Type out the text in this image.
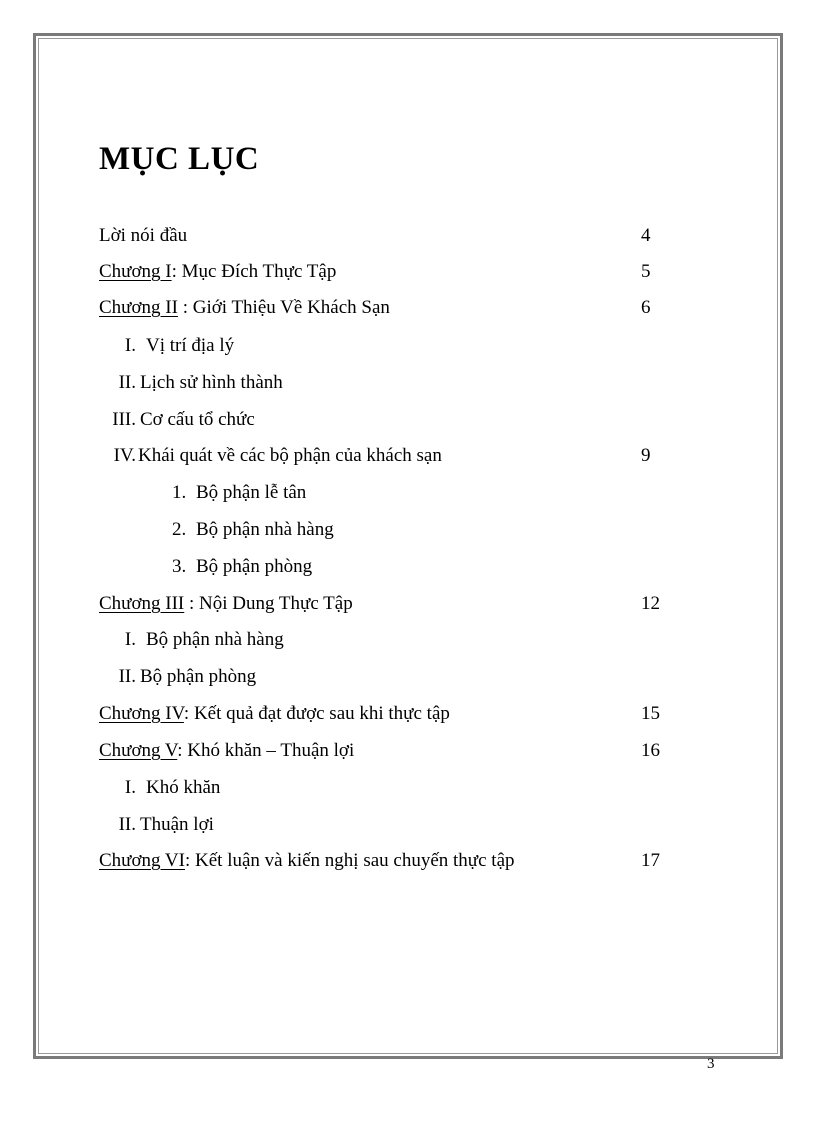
MỤC LỤC
Lời nói đầu	4
Chương I: Mục Đích Thực Tập	5
Chương II : Giới Thiệu Về Khách Sạn	6
I. Vị trí địa lý
II. Lịch sử hình thành
III. Cơ cấu tổ chức
IV. Khái quát về các bộ phận của khách sạn	9
1. Bộ phận lễ tân
2. Bộ phận nhà hàng
3. Bộ phận phòng
Chương III : Nội Dung Thực Tập	12
I. Bộ phận nhà hàng
II. Bộ phận phòng
Chương IV: Kết quả đạt được sau khi thực tập	15
Chương V: Khó khăn – Thuận lợi	16
I. Khó khăn
II. Thuận lợi
Chương VI: Kết luận và kiến nghị sau chuyến thực tập	17
3
